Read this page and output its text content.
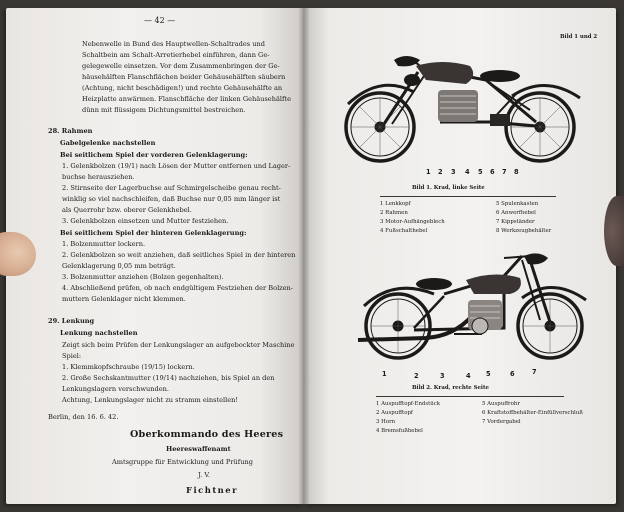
— 42 —
Nebenwelle in Bund des Hauptwellen-Schaltrades und
Schaltbein am Schalt-Arretierhebel einführen, dann Ge-
gelegewelle einsetzen. Vor dem Zusammenbringen der Ge-
häusehälften Flanschflächen beider Gehäusehälften säubern
(Achtung, nicht beschädigen!) und rechte Gehäusehälfte an
Heizplatte anwärmen. Flanschfläche der linken Gehäusehälfte
dünn mit flüssigem Dichtungsmittel bestreichen.
28. Rahmen
Gabelgelenke nachstellen
Bei seitlichem Spiel der vorderen Gelenklagerung:
1. Gelenkbolzen (19/1) nach Lösen der Mutter entfernen und Lager-
buchse herausziehen.
2. Stirnseite der Lagerbuchse auf Schmirgelscheibe genau recht-
winklig so viel nachschleifen, daß Buchse nur 0,05 mm länger ist
als Querrohr bzw. oberer Gelenkhebel.
3. Gelenkbolzen einsetzen und Mutter festziehen.
Bei seitlichem Spiel der hinteren Gelenklagerung:
1. Bolzenmutter lockern.
2. Gelenkbolzen so weit anziehen, daß seitliches Spiel in der hinteren
Gelenklagerung 0,05 mm beträgt.
3. Bolzenmutter anziehen (Bolzen gegenhalten).
4. Abschließend prüfen, ob nach endgültigem Festziehen der Bolzen-
muttern Gelenklager nicht klemmen.
29. Lenkung
Lenkung nachstellen
Zeigt sich beim Prüfen der Lenkungslager an aufgebockter Maschine
Spiel:
1. Klemmkopfschraube (19/15) lockern.
2. Große Sechskantmutter (19/14) nachziehen, bis Spiel an den
Lenkungslagern verschwunden.
Achtung, Lenkungslager nicht zu stramm einstellen!
Berlin, den 16. 6. 42.
Oberkommando des Heeres
Heereswaffenamt
Amtsgruppe für Entwicklung und Prüfung
J. V.
Fichtner
Bild 1 und 2
1 2 3 4 5 6 7 8
Bild 1. Krad, linke Seite
1 Lenkkopf
2 Rahmen
3 Motor-Aufhängeblech
4 Fußschalthebel
5 Spulenkasten
6 Anwerfhebel
7 Kippständer
8 Werkzeugbehälter
1	2	3	4 5	6	7
Bild 2. Krad, rechte Seite
1 Auspufftopf-Endstück
2 Auspufftopf
3 Horn
4 Bremsfußhebel
5 Auspuffrohr
6 Kraftstoffbehälter-Einfüllverschluß
7 Vordergabel
